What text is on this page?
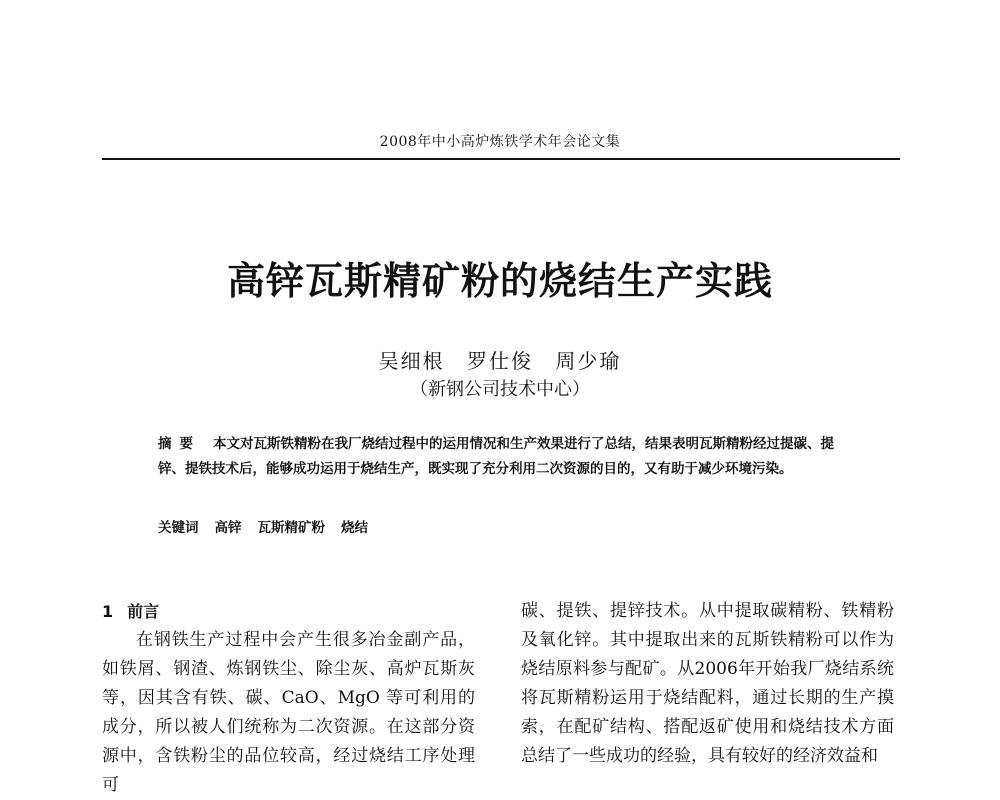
2008年中小高炉炼铁学术年会论文集
高锌瓦斯精矿粉的烧结生产实践
吴细根 罗仕俊 周少瑜
（新钢公司技术中心）
摘要 本文对瓦斯铁精粉在我厂烧结过程中的运用情况和生产效果进行了总结，结果表明瓦斯精粉经过提碳、提锌、提铁技术后，能够成功运用于烧结生产，既实现了充分利用二次资源的目的，又有助于减少环境污染。
关键词 高锌 瓦斯精矿粉 烧结
1 前言

在钢铁生产过程中会产生很多冶金副产品，如铁屑、钢渣、炼钢铁尘、除尘灰、高炉瓦斯灰等，因其含有铁、碳、CaO、MgO 等可利用的成分，所以被人们统称为二次资源。在这部分资源中，含铁粉尘的品位较高，经过烧结工序处理可

碳、提铁、提锌技术。从中提取碳精粉、铁精粉及氧化锌。其中提取出来的瓦斯铁精粉可以作为烧结原料参与配矿。从2006年开始我厂烧结系统将瓦斯精粉运用于烧结配料，通过长期的生产摸索，在配矿结构、搭配返矿使用和烧结技术方面总结了一些成功的经验，具有较好的经济效益和
